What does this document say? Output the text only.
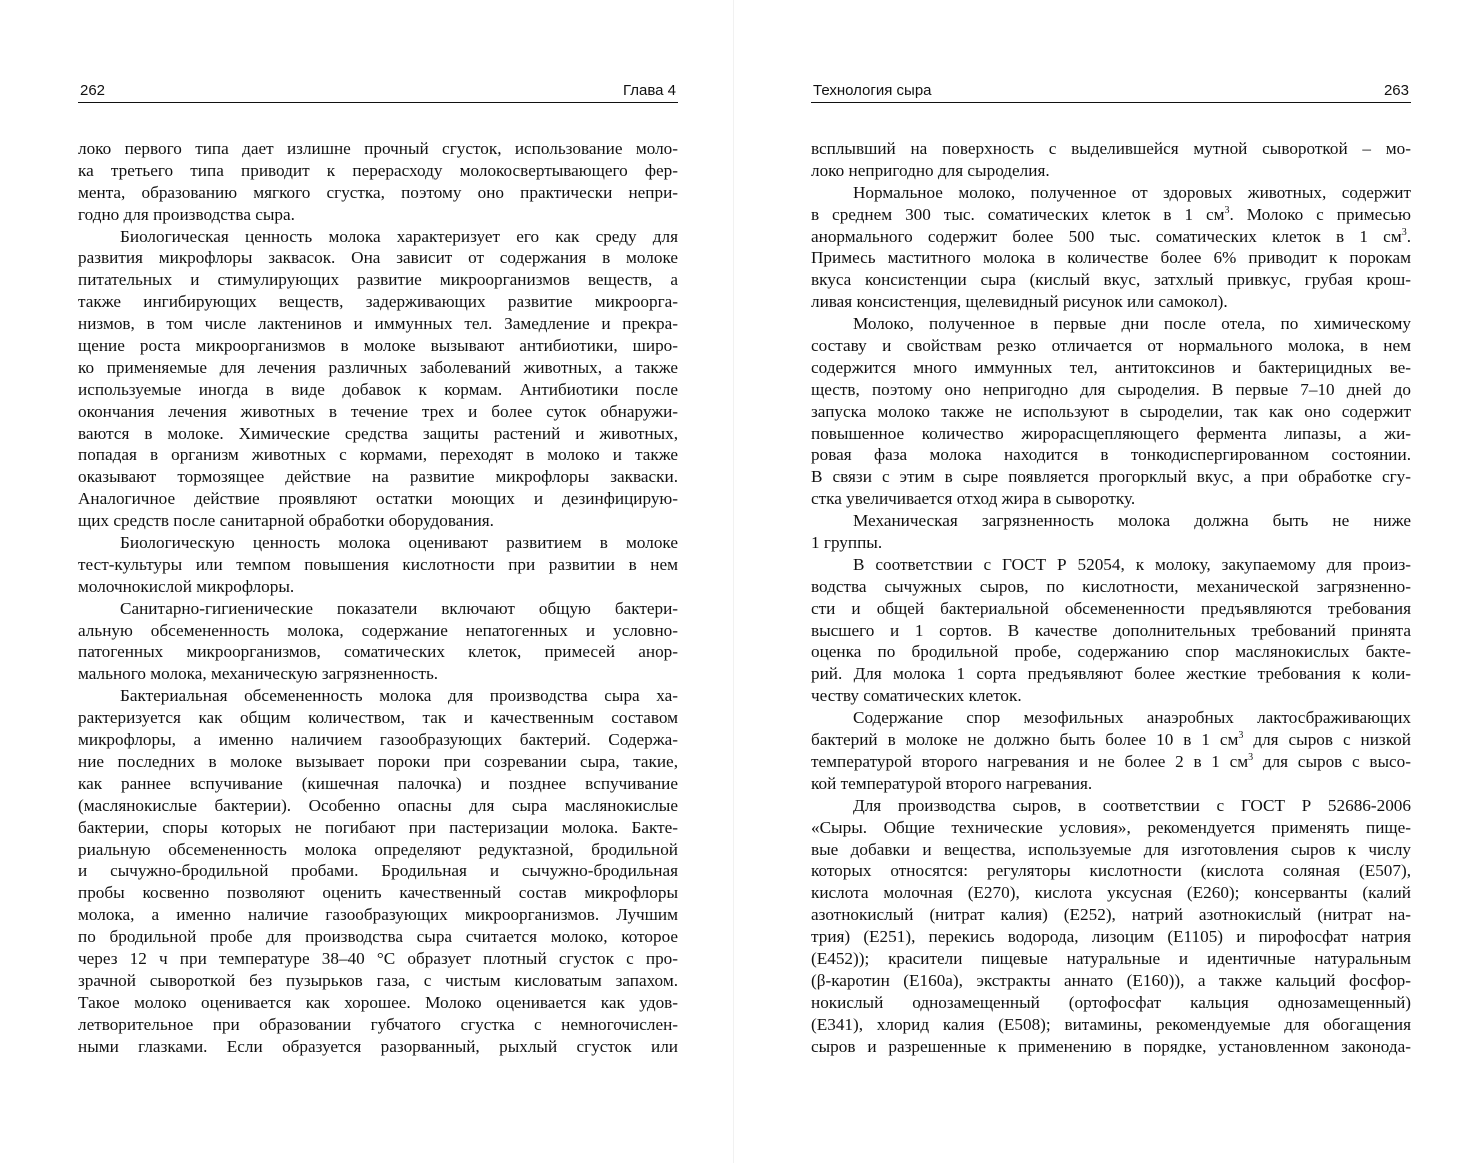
262	Глава 4
локо первого типа дает излишне прочный сгусток, использование моло-
ка третьего типа приводит к перерасходу молокосвертывающего фер-
мента, образованию мягкого сгустка, поэтому оно практически непри-
годно для производства сыра.
Биологическая ценность молока характеризует его как среду для
развития микрофлоры заквасок. Она зависит от содержания в молоке
питательных и стимулирующих развитие микроорганизмов веществ, а
также ингибирующих веществ, задерживающих развитие микроорга-
низмов, в том числе лактенинов и иммунных тел. Замедление и прекра-
щение роста микроорганизмов в молоке вызывают антибиотики, широ-
ко применяемые для лечения различных заболеваний животных, а также
используемые иногда в виде добавок к кормам. Антибиотики после
окончания лечения животных в течение трех и более суток обнаружи-
ваются в молоке. Химические средства защиты растений и животных,
попадая в организм животных с кормами, переходят в молоко и также
оказывают тормозящее действие на развитие микрофлоры закваски.
Аналогичное действие проявляют остатки моющих и дезинфицирую-
щих средств после санитарной обработки оборудования.
Биологическую ценность молока оценивают развитием в молоке
тест-культуры или темпом повышения кислотности при развитии в нем
молочнокислой микрофлоры.
Санитарно-гигиенические показатели включают общую бактери-
альную обсемененность молока, содержание непатогенных и условно-
патогенных микроорганизмов, соматических клеток, примесей анор-
мального молока, механическую загрязненность.
Бактериальная обсемененность молока для производства сыра ха-
рактеризуется как общим количеством, так и качественным составом
микрофлоры, а именно наличием газообразующих бактерий. Содержа-
ние последних в молоке вызывает пороки при созревании сыра, такие,
как раннее вспучивание (кишечная палочка) и позднее вспучивание
(маслянокислые бактерии). Особенно опасны для сыра маслянокислые
бактерии, споры которых не погибают при пастеризации молока. Бакте-
риальную обсемененность молока определяют редуктазной, бродильной
и сычужно-бродильной пробами. Бродильная и сычужно-бродильная
пробы косвенно позволяют оценить качественный состав микрофлоры
молока, а именно наличие газообразующих микроорганизмов. Лучшим
по бродильной пробе для производства сыра считается молоко, которое
через 12 ч при температуре 38–40 °С образует плотный сгусток с про-
зрачной сывороткой без пузырьков газа, с чистым кисловатым запахом.
Такое молоко оценивается как хорошее. Молоко оценивается как удов-
летворительное при образовании губчатого сгустка с немногочислен-
ными глазками. Если образуется разорванный, рыхлый сгусток или
Технология сыра	263
всплывший на поверхность с выделившейся мутной сывороткой – мо-
локо непригодно для сыроделия.
Нормальное молоко, полученное от здоровых животных, содержит
в среднем 300 тыс. соматических клеток в 1 $см^3$. Молоко с примесью
анормального содержит более 500 тыс. соматических клеток в 1 $см^3$.
Примесь маститного молока в количестве более 6% приводит к порокам
вкуса консистенции сыра (кислый вкус, затхлый привкус, грубая крош-
ливая консистенция, щелевидный рисунок или самокол).
Молоко, полученное в первые дни после отела, по химическому
составу и свойствам резко отличается от нормального молока, в нем
содержится много иммунных тел, антитоксинов и бактерицидных ве-
ществ, поэтому оно непригодно для сыроделия. В первые 7–10 дней до
запуска молоко также не используют в сыроделии, так как оно содержит
повышенное количество жирорасщепляющего фермента липазы, а жи-
ровая фаза молока находится в тонкодиспергированном состоянии.
В связи с этим в сыре появляется прогорклый вкус, а при обработке сгу-
стка увеличивается отход жира в сыворотку.
Механическая загрязненность молока должна быть не ниже
1 группы.
В соответствии с ГОСТ Р 52054, к молоку, закупаемому для произ-
водства сычужных сыров, по кислотности, механической загрязненно-
сти и общей бактериальной обсемененности предъявляются требования
высшего и 1 сортов. В качестве дополнительных требований принята
оценка по бродильной пробе, содержанию спор маслянокислых бакте-
рий. Для молока 1 сорта предъявляют более жесткие требования к коли-
честву соматических клеток.
Содержание спор мезофильных анаэробных лактосбраживающих
бактерий в молоке не должно быть более 10 в 1 $см^3$ для сыров с низкой
температурой второго нагревания и не более 2 в 1 $см^3$ для сыров с высо-
кой температурой второго нагревания.
Для производства сыров, в соответствии с ГОСТ Р 52686-2006
«Сыры. Общие технические условия», рекомендуется применять пище-
вые добавки и вещества, используемые для изготовления сыров к числу
которых относятся: регуляторы кислотности (кислота соляная (Е507),
кислота молочная (Е270), кислота уксусная (Е260); консерванты (калий
азотнокислый (нитрат калия) (Е252), натрий азотнокислый (нитрат на-
трия) (Е251), перекись водорода, лизоцим (Е1105) и пирофосфат натрия
(Е452)); красители пищевые натуральные и идентичные натуральным
(β-каротин (Е160а), экстракты аннато (Е160)), а также кальций фосфор-
нокислый однозамещенный (ортофосфат кальция однозамещенный)
(Е341), хлорид калия (Е508); витамины, рекомендуемые для обогащения
сыров и разрешенные к применению в порядке, установленном законода-
